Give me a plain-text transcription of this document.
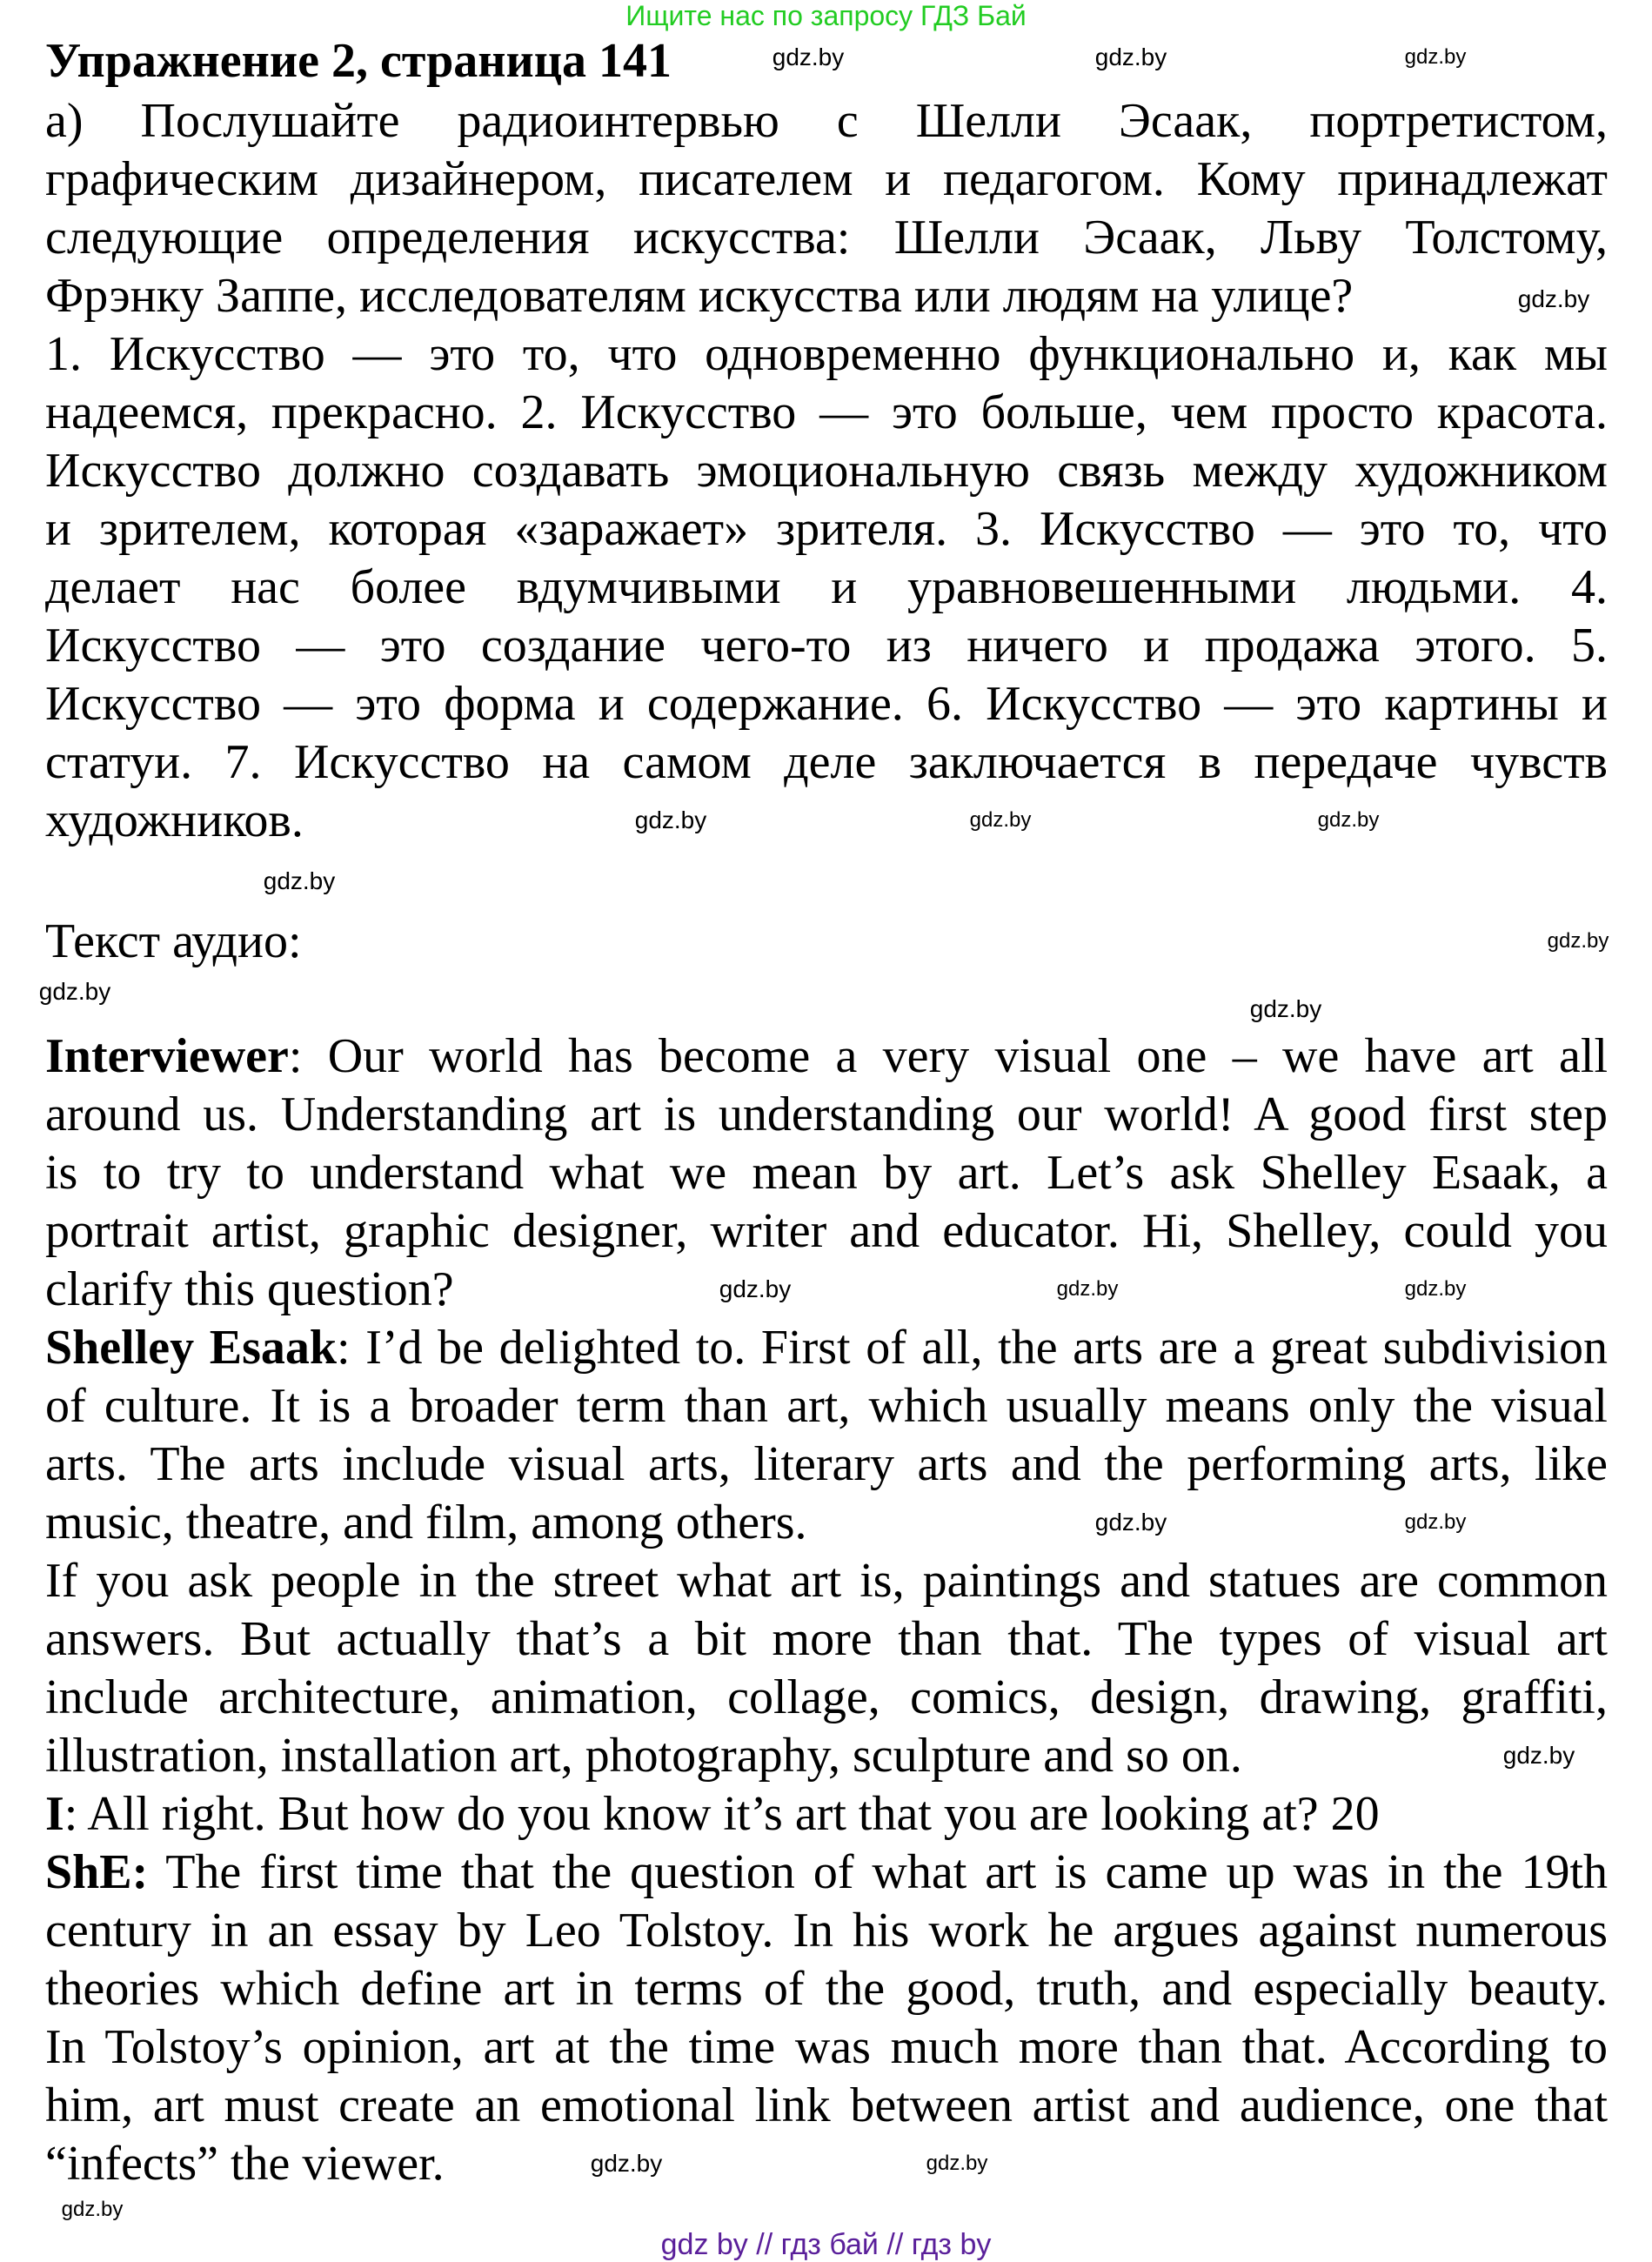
Ищите нас по запросу ГДЗ Бай
Упражнение 2, страница 141
а) Послушайте радиоинтервью с Шелли Эсаак, портретистом,
графическим дизайнером, писателем и педагогом. Кому принадлежат
следующие определения искусства: Шелли Эсаак, Льву Толстому,
Фрэнку Заппе, исследователям искусства или людям на улице?
1. Искусство — это то, что одновременно функционально и, как мы
надеемся, прекрасно. 2. Искусство — это больше, чем просто красота.
Искусство должно создавать эмоциональную связь между художником
и зрителем, которая «заражает» зрителя. 3. Искусство — это то, что
делает нас более вдумчивыми и уравновешенными людьми. 4.
Искусство — это создание чего-то из ничего и продажа этого. 5.
Искусство — это форма и содержание. 6. Искусство — это картины и
статуи. 7. Искусство на самом деле заключается в передаче чувств
художников.
Текст аудио:
Interviewer: Our world has become a very visual one – we have art all
around us. Understanding art is understanding our world! A good first step
is to try to understand what we mean by art. Let’s ask Shelley Esaak, a
portrait artist, graphic designer, writer and educator. Hi, Shelley, could you
clarify this question?
Shelley Esaak: I’d be delighted to. First of all, the arts are a great subdivision
of culture. It is a broader term than art, which usually means only the visual
arts. The arts include visual arts, literary arts and the performing arts, like
music, theatre, and film, among others.
If you ask people in the street what art is, paintings and statues are common
answers. But actually that’s a bit more than that. The types of visual art
include architecture, animation, collage, comics, design, drawing, graffiti,
illustration, installation art, photography, sculpture and so on.
I: All right. But how do you know it’s art that you are looking at? 20
ShE: The first time that the question of what art is came up was in the 19th
century in an essay by Leo Tolstoy. In his work he argues against numerous
theories which define art in terms of the good, truth, and especially beauty.
In Tolstoy’s opinion, art at the time was much more than that. According to
him, art must create an emotional link between artist and audience, one that
“infects” the viewer.
gdz.by	gdz.by	gdz.by
gdz.by
gdz.by	gdz.by	gdz.by
gdz.by
gdz.by
gdz.by
gdz.by
gdz.by	gdz.by	gdz.by
gdz.by	gdz.by
gdz.by
gdz.by	gdz.by
gdz.by
gdz by // гдз бай // гдз by
